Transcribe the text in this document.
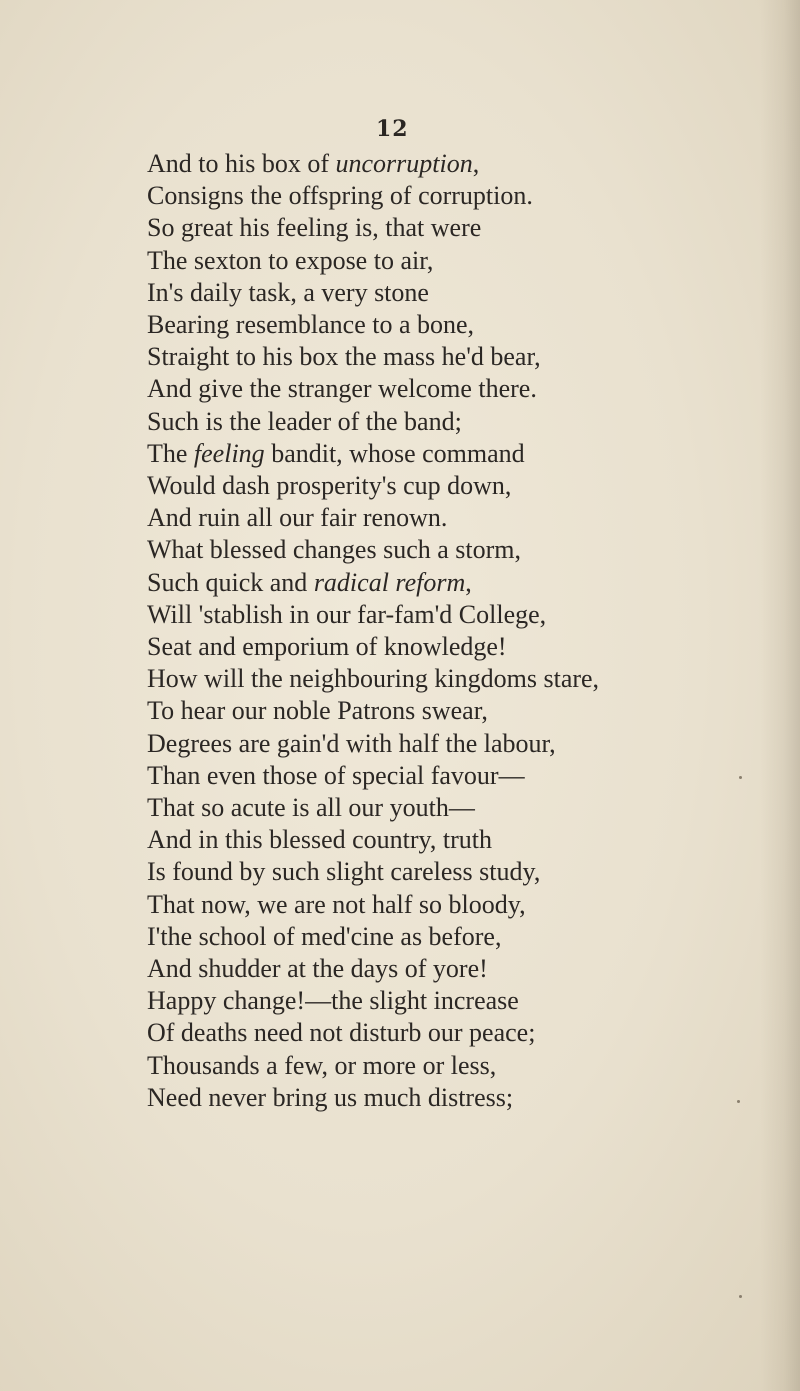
12
And to his box of uncorruption,
Consigns the offspring of corruption.
So great his feeling is, that were
The sexton to expose to air,
In's daily task, a very stone
Bearing resemblance to a bone,
Straight to his box the mass he'd bear,
And give the stranger welcome there.
Such is the leader of the band;
The feeling bandit, whose command
Would dash prosperity's cup down,
And ruin all our fair renown.
What blessed changes such a storm,
Such quick and radical reform,
Will 'stablish in our far-fam'd College,
Seat and emporium of knowledge!
How will the neighbouring kingdoms stare,
To hear our noble Patrons swear,
Degrees are gain'd with half the labour,
Than even those of special favour—
That so acute is all our youth—
And in this blessed country, truth
Is found by such slight careless study,
That now, we are not half so bloody,
I'the school of med'cine as before,
And shudder at the days of yore!
Happy change!—the slight increase
Of deaths need not disturb our peace;
Thousands a few, or more or less,
Need never bring us much distress;
